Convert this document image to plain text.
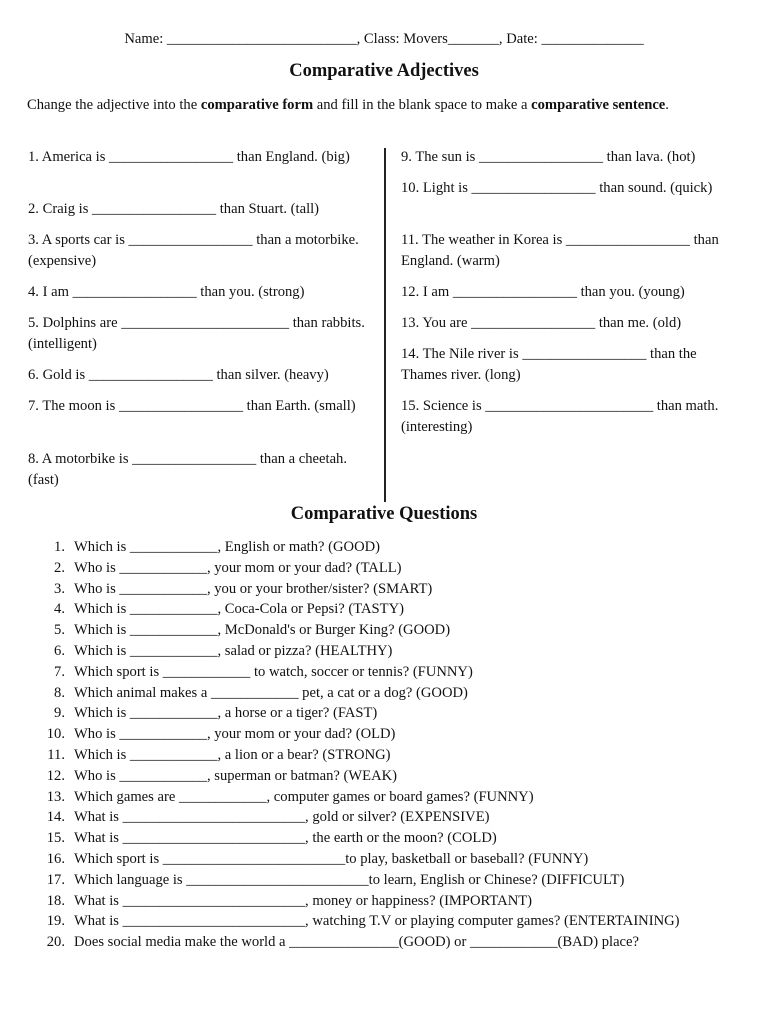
Name: __________________________, Class: Movers_______, Date: ______________
Comparative Adjectives
Change the adjective into the comparative form and fill in the blank space to make a comparative sentence.
1. America is _________________ than England. (big)
2. Craig is _________________ than Stuart. (tall)
3. A sports car is _________________ than a motorbike. (expensive)
4. I am _________________ than you. (strong)
5. Dolphins are _______________________ than rabbits. (intelligent)
6. Gold is _________________ than silver. (heavy)
7. The moon is _________________ than Earth. (small)
8. A motorbike is _________________ than a cheetah. (fast)
9. The sun is _________________ than lava. (hot)
10. Light is _________________ than sound. (quick)
11. The weather in Korea is _________________ than England. (warm)
12. I am _________________ than you. (young)
13. You are _________________ than me. (old)
14. The Nile river is _________________ than the Thames river. (long)
15. Science is _______________________ than math. (interesting)
Comparative Questions
1. Which is ____________, English or math? (GOOD)
2. Who is ____________, your mom or your dad? (TALL)
3. Who is ____________, you or your brother/sister? (SMART)
4. Which is ____________, Coca-Cola or Pepsi? (TASTY)
5. Which is ____________, McDonald's or Burger King? (GOOD)
6. Which is ____________, salad or pizza? (HEALTHY)
7. Which sport is ____________ to watch, soccer or tennis? (FUNNY)
8. Which animal makes a ____________ pet, a cat or a dog? (GOOD)
9. Which is ____________, a horse or a tiger? (FAST)
10. Who is ____________, your mom or your dad? (OLD)
11. Which is ____________, a lion or a bear? (STRONG)
12. Who is ____________, superman or batman? (WEAK)
13. Which games are ____________, computer games or board games? (FUNNY)
14. What is _________________________, gold or silver? (EXPENSIVE)
15. What is _________________________, the earth or the moon? (COLD)
16. Which sport is _________________________to play, basketball or baseball? (FUNNY)
17. Which language is _________________________to learn, English or Chinese? (DIFFICULT)
18. What is _________________________, money or happiness? (IMPORTANT)
19. What is _________________________, watching T.V or playing computer games? (ENTERTAINING)
20. Does social media make the world a _______________(GOOD) or ____________(BAD) place?
